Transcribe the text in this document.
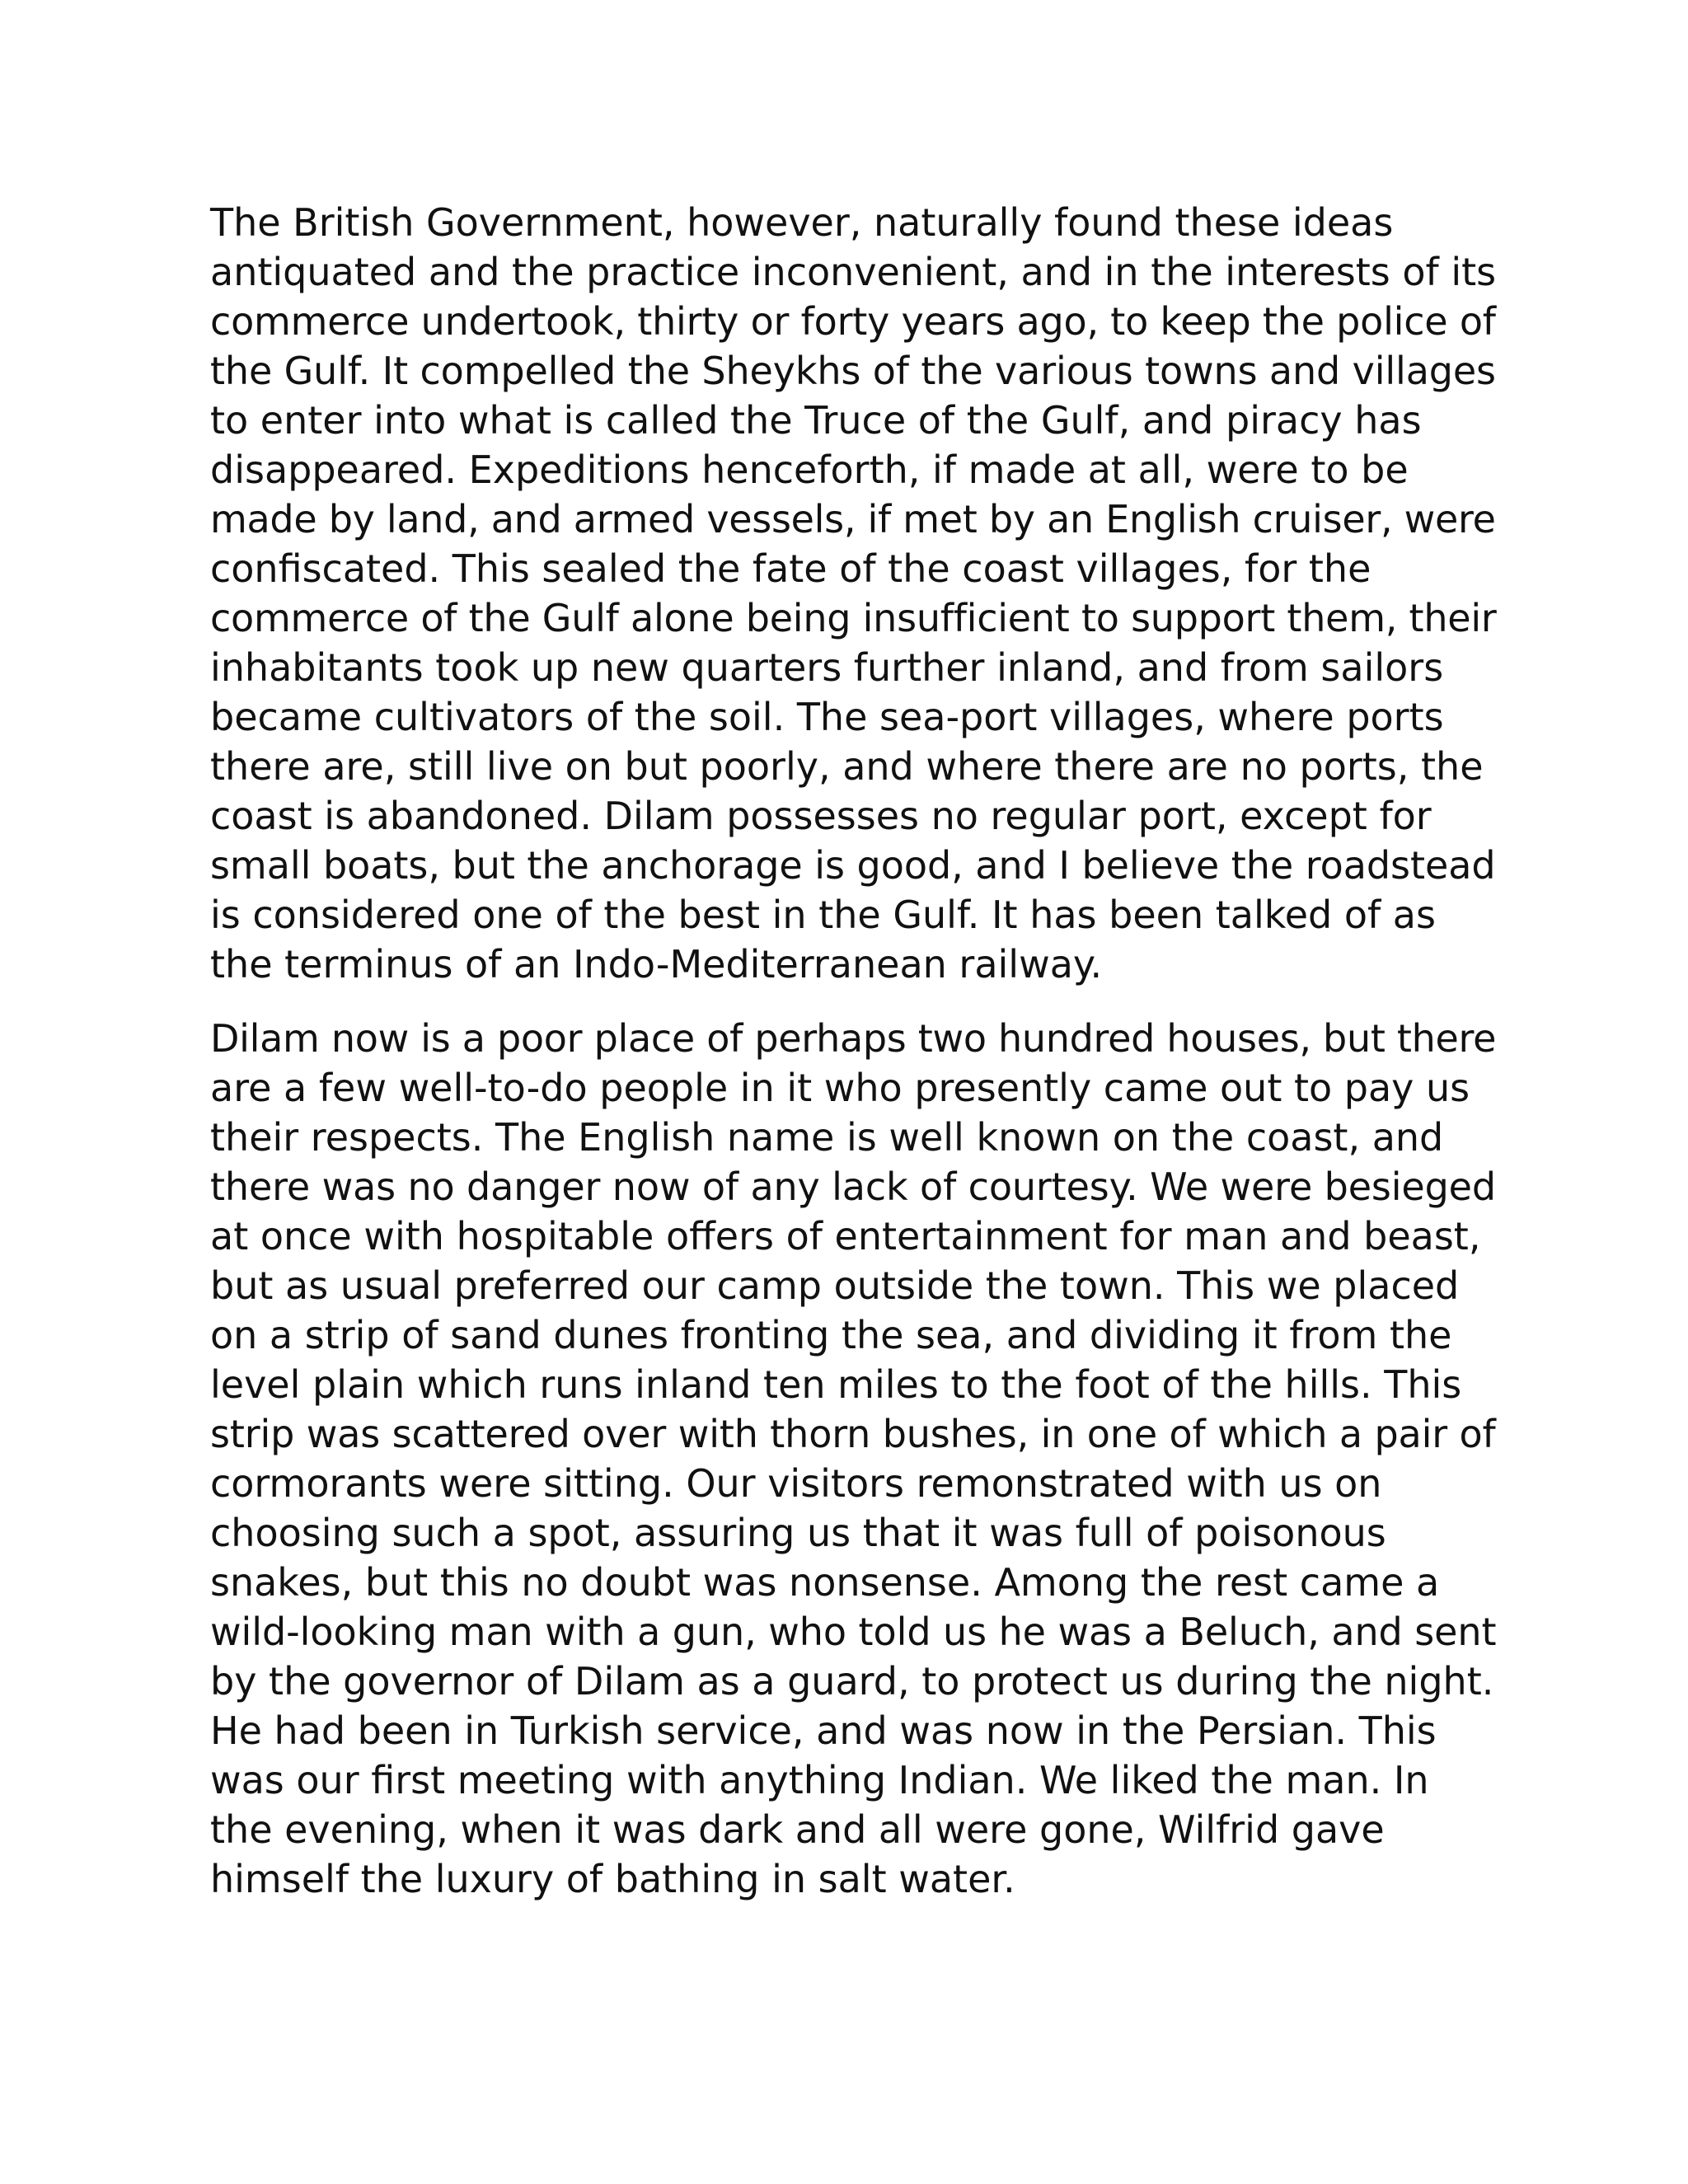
The British Government, however, naturally found these ideas
antiquated and the practice inconvenient, and in the interests of its
commerce undertook, thirty or forty years ago, to keep the police of
the Gulf. It compelled the Sheykhs of the various towns and villages
to enter into what is called the Truce of the Gulf, and piracy has
disappeared. Expeditions henceforth, if made at all, were to be
made by land, and armed vessels, if met by an English cruiser, were
confiscated. This sealed the fate of the coast villages, for the
commerce of the Gulf alone being insufficient to support them, their
inhabitants took up new quarters further inland, and from sailors
became cultivators of the soil. The sea-port villages, where ports
there are, still live on but poorly, and where there are no ports, the
coast is abandoned. Dilam possesses no regular port, except for
small boats, but the anchorage is good, and I believe the roadstead
is considered one of the best in the Gulf. It has been talked of as
the terminus of an Indo-Mediterranean railway.
Dilam now is a poor place of perhaps two hundred houses, but there
are a few well-to-do people in it who presently came out to pay us
their respects. The English name is well known on the coast, and
there was no danger now of any lack of courtesy. We were besieged
at once with hospitable offers of entertainment for man and beast,
but as usual preferred our camp outside the town. This we placed
on a strip of sand dunes fronting the sea, and dividing it from the
level plain which runs inland ten miles to the foot of the hills. This
strip was scattered over with thorn bushes, in one of which a pair of
cormorants were sitting. Our visitors remonstrated with us on
choosing such a spot, assuring us that it was full of poisonous
snakes, but this no doubt was nonsense. Among the rest came a
wild-looking man with a gun, who told us he was a Beluch, and sent
by the governor of Dilam as a guard, to protect us during the night.
He had been in Turkish service, and was now in the Persian. This
was our first meeting with anything Indian. We liked the man. In
the evening, when it was dark and all were gone, Wilfrid gave
himself the luxury of bathing in salt water.
